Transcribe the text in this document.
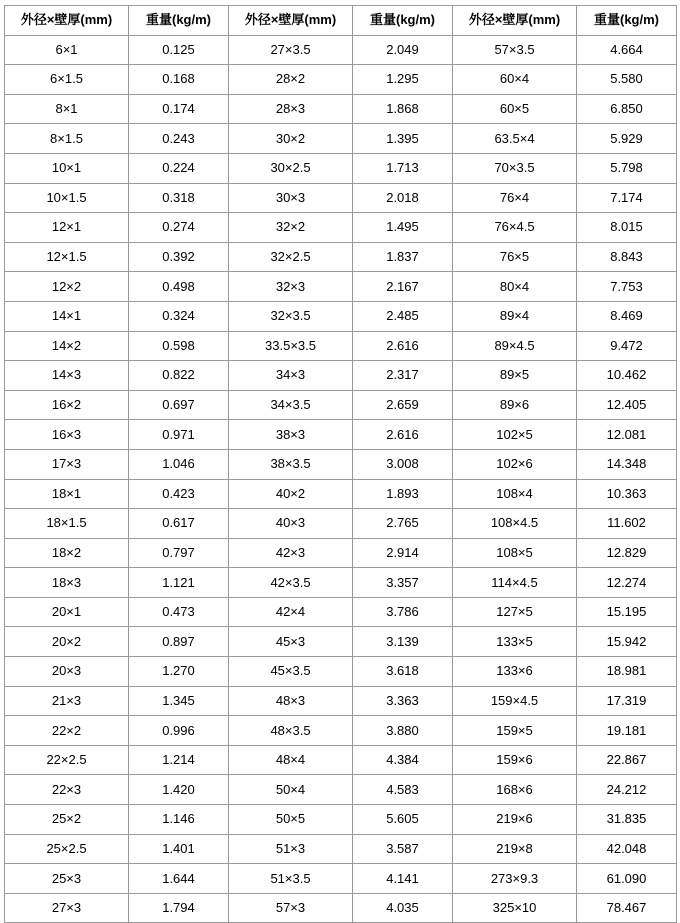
外径×壁厚(mm)	重量(kg/m)	外径×壁厚(mm)	重量(kg/m)	外径×壁厚(mm)	重量(kg/m)
6×1	0.125	27×3.5	2.049	57×3.5	4.664
6×1.5	0.168	28×2	1.295	60×4	5.580
8×1	0.174	28×3	1.868	60×5	6.850
8×1.5	0.243	30×2	1.395	63.5×4	5.929
10×1	0.224	30×2.5	1.713	70×3.5	5.798
10×1.5	0.318	30×3	2.018	76×4	7.174
12×1	0.274	32×2	1.495	76×4.5	8.015
12×1.5	0.392	32×2.5	1.837	76×5	8.843
12×2	0.498	32×3	2.167	80×4	7.753
14×1	0.324	32×3.5	2.485	89×4	8.469
14×2	0.598	33.5×3.5	2.616	89×4.5	9.472
14×3	0.822	34×3	2.317	89×5	10.462
16×2	0.697	34×3.5	2.659	89×6	12.405
16×3	0.971	38×3	2.616	102×5	12.081
17×3	1.046	38×3.5	3.008	102×6	14.348
18×1	0.423	40×2	1.893	108×4	10.363
18×1.5	0.617	40×3	2.765	108×4.5	11.602
18×2	0.797	42×3	2.914	108×5	12.829
18×3	1.121	42×3.5	3.357	114×4.5	12.274
20×1	0.473	42×4	3.786	127×5	15.195
20×2	0.897	45×3	3.139	133×5	15.942
20×3	1.270	45×3.5	3.618	133×6	18.981
21×3	1.345	48×3	3.363	159×4.5	17.319
22×2	0.996	48×3.5	3.880	159×5	19.181
22×2.5	1.214	48×4	4.384	159×6	22.867
22×3	1.420	50×4	4.583	168×6	24.212
25×2	1.146	50×5	5.605	219×6	31.835
25×2.5	1.401	51×3	3.587	219×8	42.048
25×3	1.644	51×3.5	4.141	273×9.3	61.090
27×3	1.794	57×3	4.035	325×10	78.467
